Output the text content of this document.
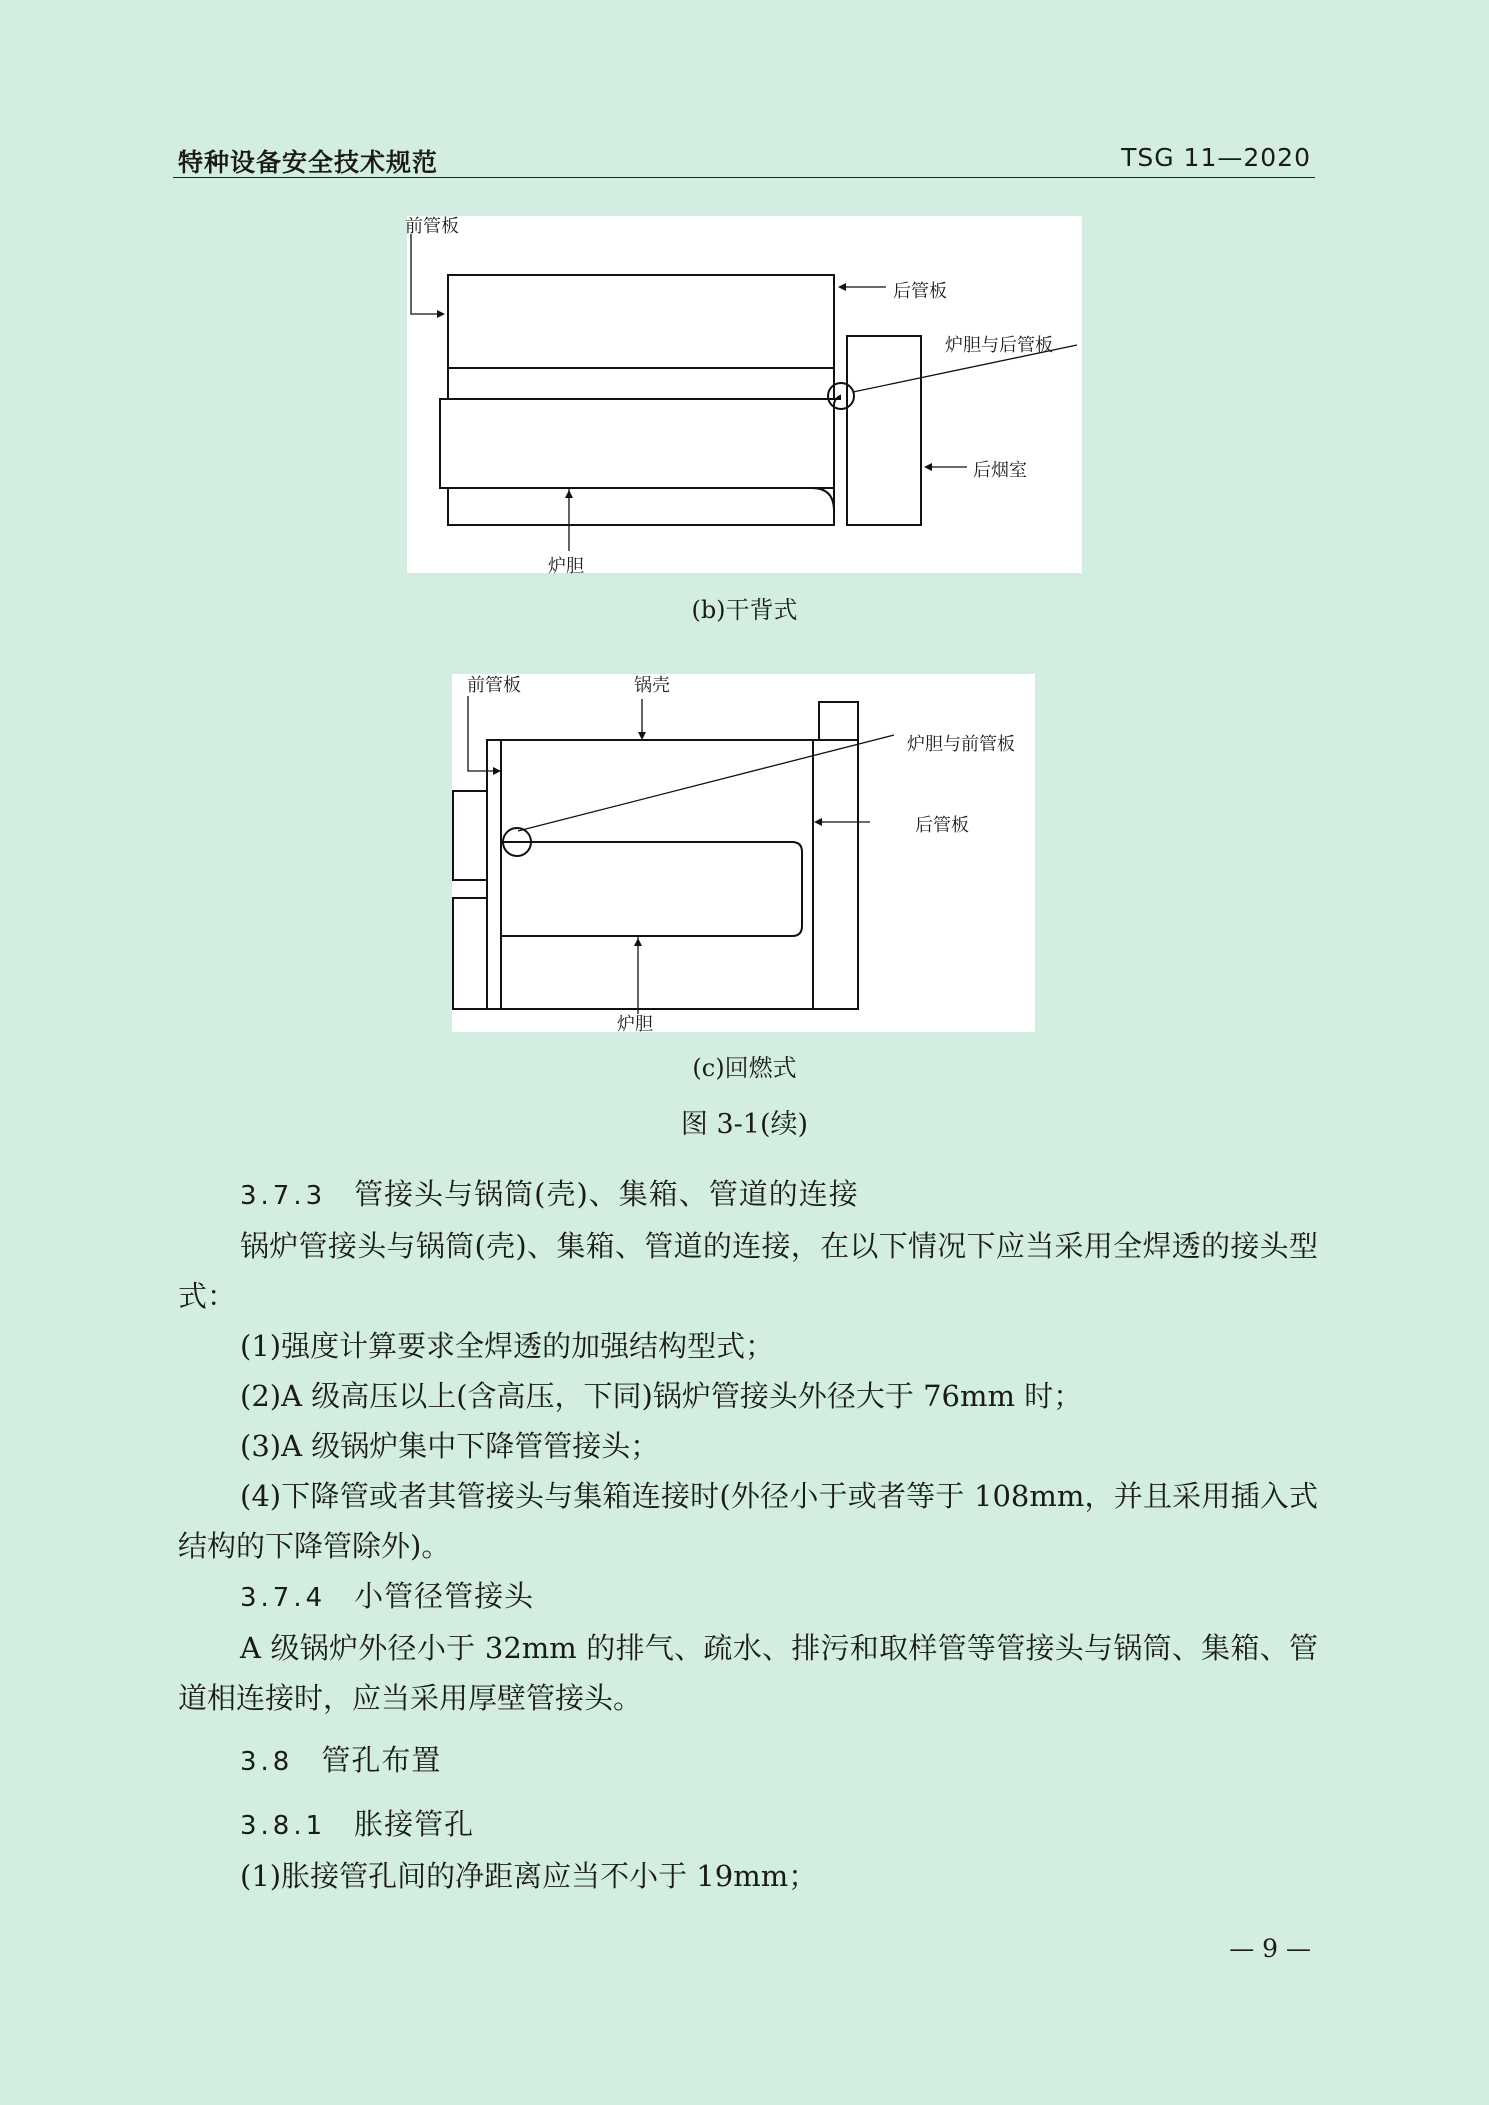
特种设备安全技术规范	TSG 11—2020
前管板
后管板
炉胆与后管板
后烟室
炉胆
(b)干背式
前管板	锅壳
炉胆与前管板
后管板
炉胆
(c)回燃式
图 3-1(续)
3.7.3 管接头与锅筒(壳)、集箱、管道的连接

锅炉管接头与锅筒(壳)、集箱、管道的连接，在以下情况下应当采用全焊透的接头型式：

(1)强度计算要求全焊透的加强结构型式；

(2)A 级高压以上(含高压，下同)锅炉管接头外径大于 76mm 时；

(3)A 级锅炉集中下降管管接头；

(4)下降管或者其管接头与集箱连接时(外径小于或者等于 108mm，并且采用插入式结构的下降管除外)。

3.7.4 小管径管接头

A 级锅炉外径小于 32mm 的排气、疏水、排污和取样管等管接头与锅筒、集箱、管道相连接时，应当采用厚壁管接头。

3.8 管孔布置
3.8.1 胀接管孔

(1)胀接管孔间的净距离应当不小于 19mm；

— 9 —
